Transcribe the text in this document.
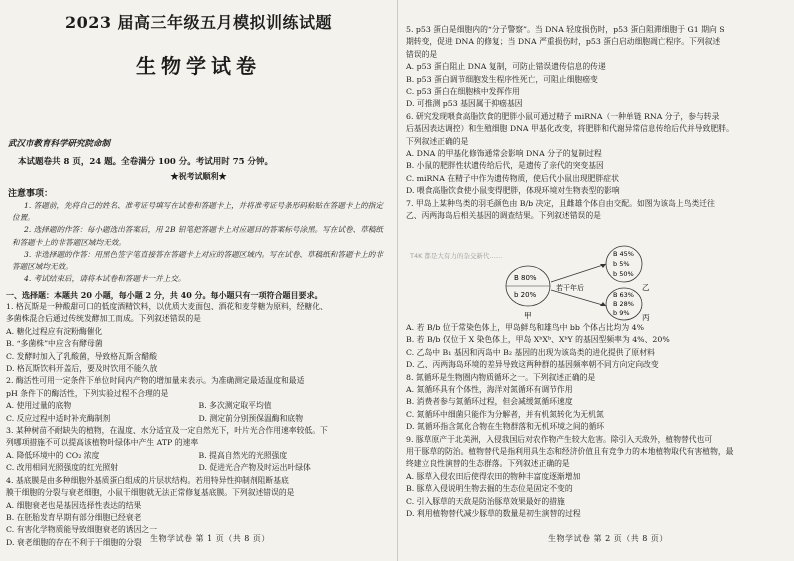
2023 届高三年级五月模拟训练试题
生物学试卷
武汉市教育科学研究院命制
本试题卷共 8 页，24 题。全卷满分 100 分。考试用时 75 分钟。
★祝考试顺利★
注意事项：
1. 答题前，先将自己的姓名、准考证号填写在试卷和答题卡上，并将准考证号条形码粘贴在答题卡上的指定位置。
2. 选择题的作答：每小题选出答案后，用 2B 铅笔把答题卡上对应题目的答案标号涂黑。写在试卷、草稿纸和答题卡上的非答题区域均无效。
3. 非选择题的作答：用黑色签字笔直接答在答题卡上对应的答题区域内。写在试卷、草稿纸和答题卡上的非答题区域均无效。
4. 考试结束后，请将本试卷和答题卡一并上交。
一、选择题：本题共 20 小题，每小题 2 分，共 40 分。每小题只有一项符合题目要求。
1. 格瓦斯是一种酸甜可口的低度酒精饮料，以优质大麦面包、酒花和麦芽糖为原料，经糖化、
多菌株混合后通过传统发酵加工而成。下列叙述错误的是
A. 糖化过程应有淀粉酶催化
B. “多菌株”中应含有酵母菌
C. 发酵时加入了乳酸菌，导致格瓦斯含醋酸
D. 格瓦斯饮料开盖后，要及时饮用不能久放
2. 酶活性可用一定条件下单位时间内产物的增加量来表示。为准确测定最适温度和最适
pH 条件下的酶活性，下列实验过程不合理的是
A. 使用过量的底物	B. 多次测定取平均值
C. 反应过程中适时补充酶制剂	D. 测定前分别预保温酶和底物
3. 某种树苗不耐缺失的植物，在温度、水分适宜及一定自然光下，叶片光合作用速率较低。下
列哪项措施不可以提高该植物叶绿体中产生 ATP 的速率
A. 降低环境中的 CO₂ 浓度	B. 提高自然光的光照强度
C. 改用相同光照强度的红光照射	D. 促进光合产物及时运出叶绿体
4. 基底膜是由多种细胞外基质蛋白组成的片层状结构。若用特异性抑制剂阻断基底
膜干细胞的分裂与衰老细胞，小鼠干细胞就无法正常修复基底膜。下列叙述错误的是
A. 细胞衰老也是基因选择性表达的结果
B. 在胚胎发育早期有部分细胞已经衰老
C. 有害化学物质能导致细胞衰老的诱因之一
D. 衰老细胞的存在不利于干细胞的分裂	生物学试卷 第 1 页（共 8 页）
5. p53 蛋白是细胞内的“分子警察”。当 DNA 轻度损伤时，p53 蛋白阻滞细胞于 G1 期向 S
期转变，促进 DNA 的修复；当 DNA 严重损伤时，p53 蛋白启动细胞凋亡程序。下列叙述
错误的是
A. p53 蛋白阻止 DNA 复制，可防止错误遗传信息的传递
B. p53 蛋白调节细胞发生程序性死亡，可阻止细胞癌变
C. p53 蛋白在细胞核中发挥作用
D. 可推测 p53 基因属于抑癌基因
6. 研究发现喂食高脂饮食的肥胖小鼠可通过精子 miRNA（一种单链 RNA 分子，参与转录
后基因表达调控）和生殖细胞 DNA 甲基化改变，将肥胖和代谢异常信息传给后代并导致肥胖。
下列叙述正确的是
A. DNA 的甲基化修饰通常会影响 DNA 分子的复制过程
B. 小鼠的肥胖性状遗传给后代，是遗传了亲代的突变基因
C. miRNA 在精子中作为遗传物质，使后代小鼠出现肥胖症状
D. 喂食高脂饮食使小鼠变得肥胖，体现环境对生物表型的影响
7. 甲岛上某种鸟类的羽毛颜色由 B/b 决定，且雌雄个体自由交配。如图为该岛上鸟类迁往
乙、丙两海岛后相关基因的调查结果。下列叙述错误的是
T4K 都是大有力的杂交新代……
B 80%
b 20%
甲
若干年后
B 45%
b 5%
b 50%
乙
B 63%
B 28%
b 9% 丙
A. 若 B/b 位于常染色体上，甲岛鲜鸟和雄鸟中 bb 个体占比均为 4%
B. 若 B/b 仅位于 X 染色体上，甲岛 XᵇXᵇ、XᵇY 的基因型频率为 4%、20%
C. 乙岛中 B₁ 基因和丙岛中 B₂ 基因的出现为该岛类的进化提供了原材料
D. 乙、丙两海岛环境的差异导致这两种群的基因频率朝不同方向定向改变
8. 氮循环是生物圈内物质循环之一。下列叙述正确的是
A. 氮循环具有个体性，海洋对氮循环有调节作用
B. 消费者参与氮循环过程，但会减缓氮循环速度
C. 氮循环中细菌只能作为分解者，并有机氮转化为无机氮
D. 氮循环指含氮化合物在生物群落和无机环境之间的循环
9. 豚草原产于北美洲，入侵我国后对农作物产生较大危害。除引入天敌外，植物替代也可
用于豚草的防治。植物替代是指利用具生态和经济价值且有竞争力的本地植物取代有害植物，最
终建立良性演替的生态群落。下列叙述正确的是
A. 豚草入侵农田后使得农田的物种丰富度逐渐增加
B. 豚草入侵说明生物去掘的生态位是固定不变的
C. 引入豚草的天敌是防治豚草效果最好的措施
D. 利用植物替代减少豚草的数量是初生演替的过程
生物学试卷 第 2 页（共 8 页）
